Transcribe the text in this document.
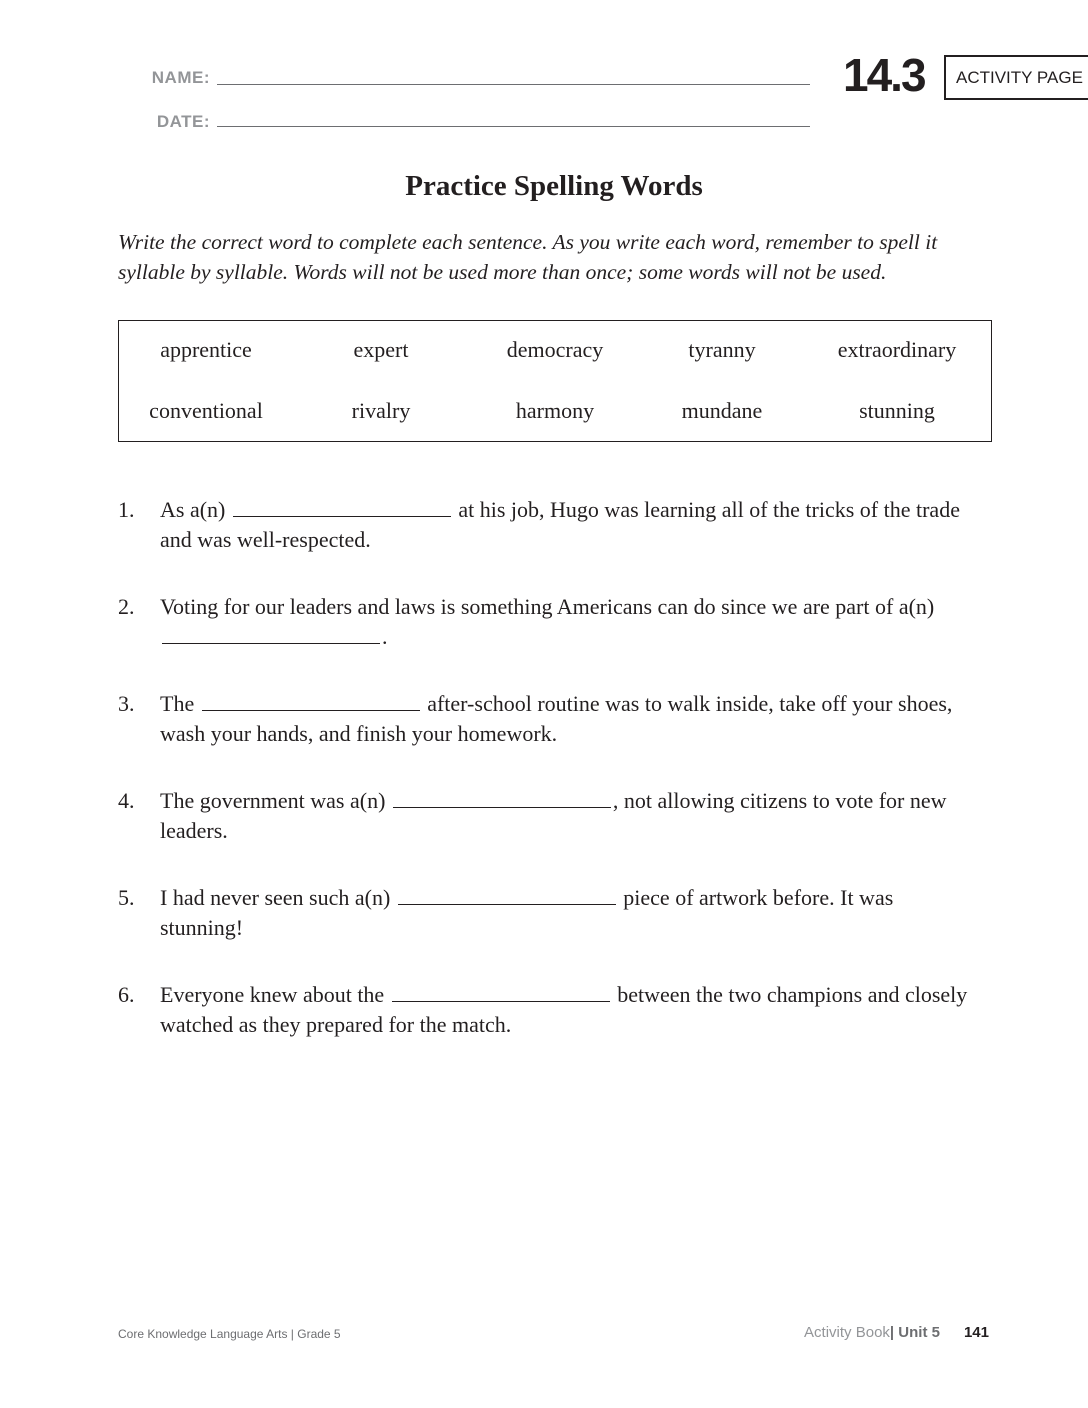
NAME:
DATE:
14.3 ACTIVITY PAGE
Practice Spelling Words
Write the correct word to complete each sentence. As you write each word, remember to spell it syllable by syllable. Words will not be used more than once; some words will not be used.
apprentice	expert	democracy	tyranny	extraordinary
conventional	rivalry	harmony	mundane	stunning
1. As a(n)	at his job, Hugo was learning all of the tricks of the trade and was well-respected.
2. Voting for our leaders and laws is something Americans can do since we are part of a(n) .
3. The	after-school routine was to walk inside, take off your shoes, wash your hands, and finish your homework.
4. The government was a(n)	, not allowing citizens to vote for new leaders.
5. I had never seen such a(n)	piece of artwork before. It was stunning!
6. Everyone knew about the	between the two champions and closely watched as they prepared for the match.
Core Knowledge Language Arts | Grade 5	Activity Book| Unit 5 141
